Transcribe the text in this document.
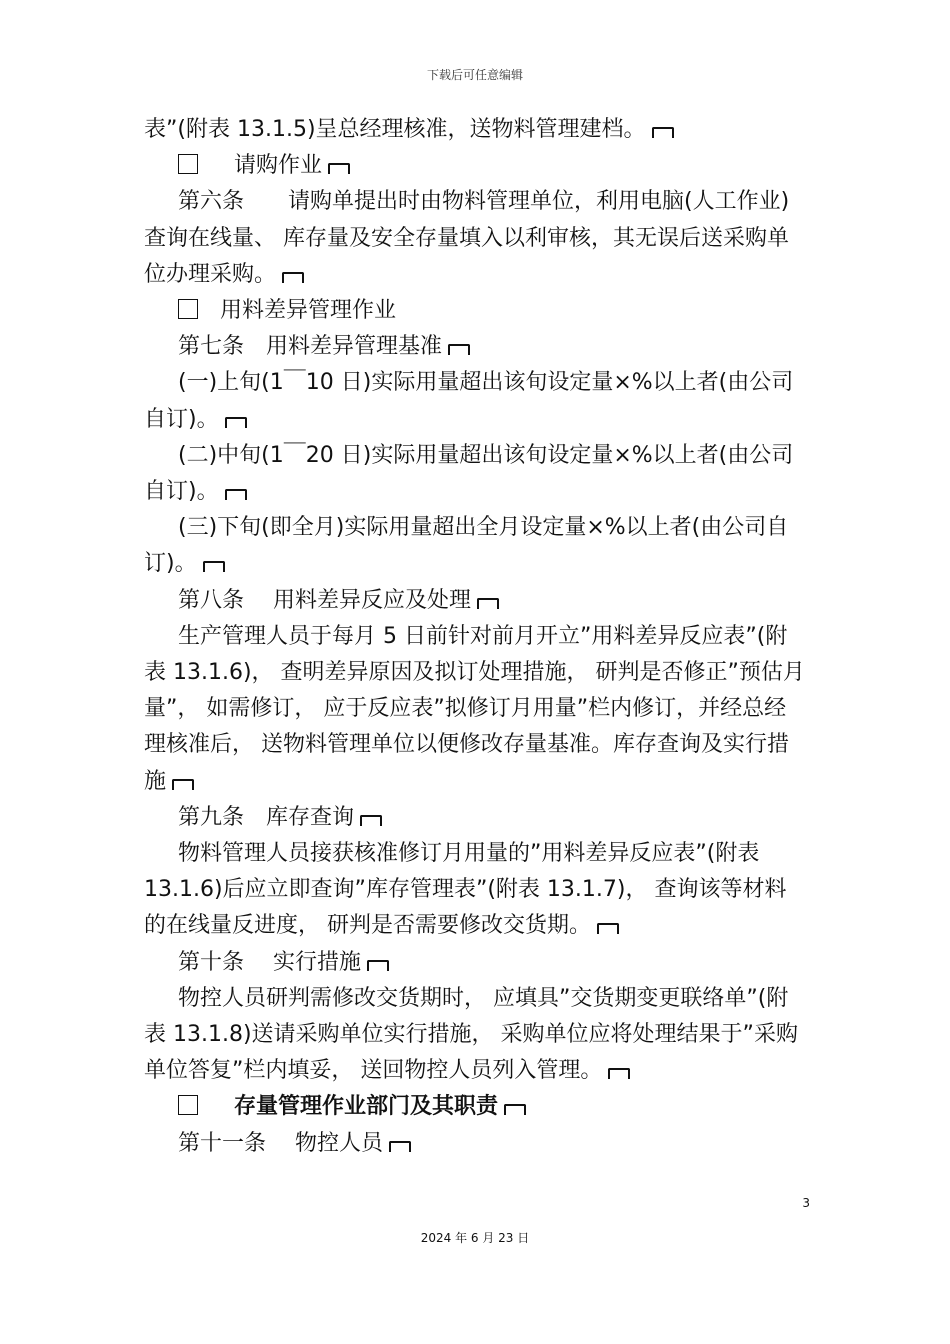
下载后可任意编辑

表”(附表 13.1.5)呈总经理核准，送物料管理建档。

请购作业

第六条　　请购单提出时由物料管理单位，利用电脑(人工作业)查询在线量、 库存量及安全存量填入以利审核，其无误后送采购单位办理采购。

用料差异管理作业

第七条　用料差异管理基准

(一)上旬(1￣10 日)实际用量超出该旬设定量×%以上者(由公司自订)。

(二)中旬(1￣20 日)实际用量超出该旬设定量×%以上者(由公司自订)。

(三)下旬(即全月)实际用量超出全月设定量×%以上者(由公司自订)。

第八条　 用料差异反应及处理

生产管理人员于每月 5 日前针对前月开立”用料差异反应表”(附表 13.1.6)， 查明差异原因及拟订处理措施， 研判是否修正”预估月量”， 如需修订， 应于反应表”拟修订月用量”栏内修订，并经总经理核准后， 送物料管理单位以便修改存量基准。库存查询及实行措施

第九条　库存查询

物料管理人员接获核准修订月用量的”用料差异反应表”(附表 13.1.6)后应立即查询”库存管理表”(附表 13.1.7)， 查询该等材料的在线量反进度， 研判是否需要修改交货期。

第十条　 实行措施

物控人员研判需修改交货期时， 应填具”交货期变更联络单”(附表 13.1.8)送请采购单位实行措施， 采购单位应将处理结果于”采购单位答复”栏内填妥， 送回物控人员列入管理。

存量管理作业部门及其职责

第十一条　 物控人员

3
2024 年 6 月 23 日
